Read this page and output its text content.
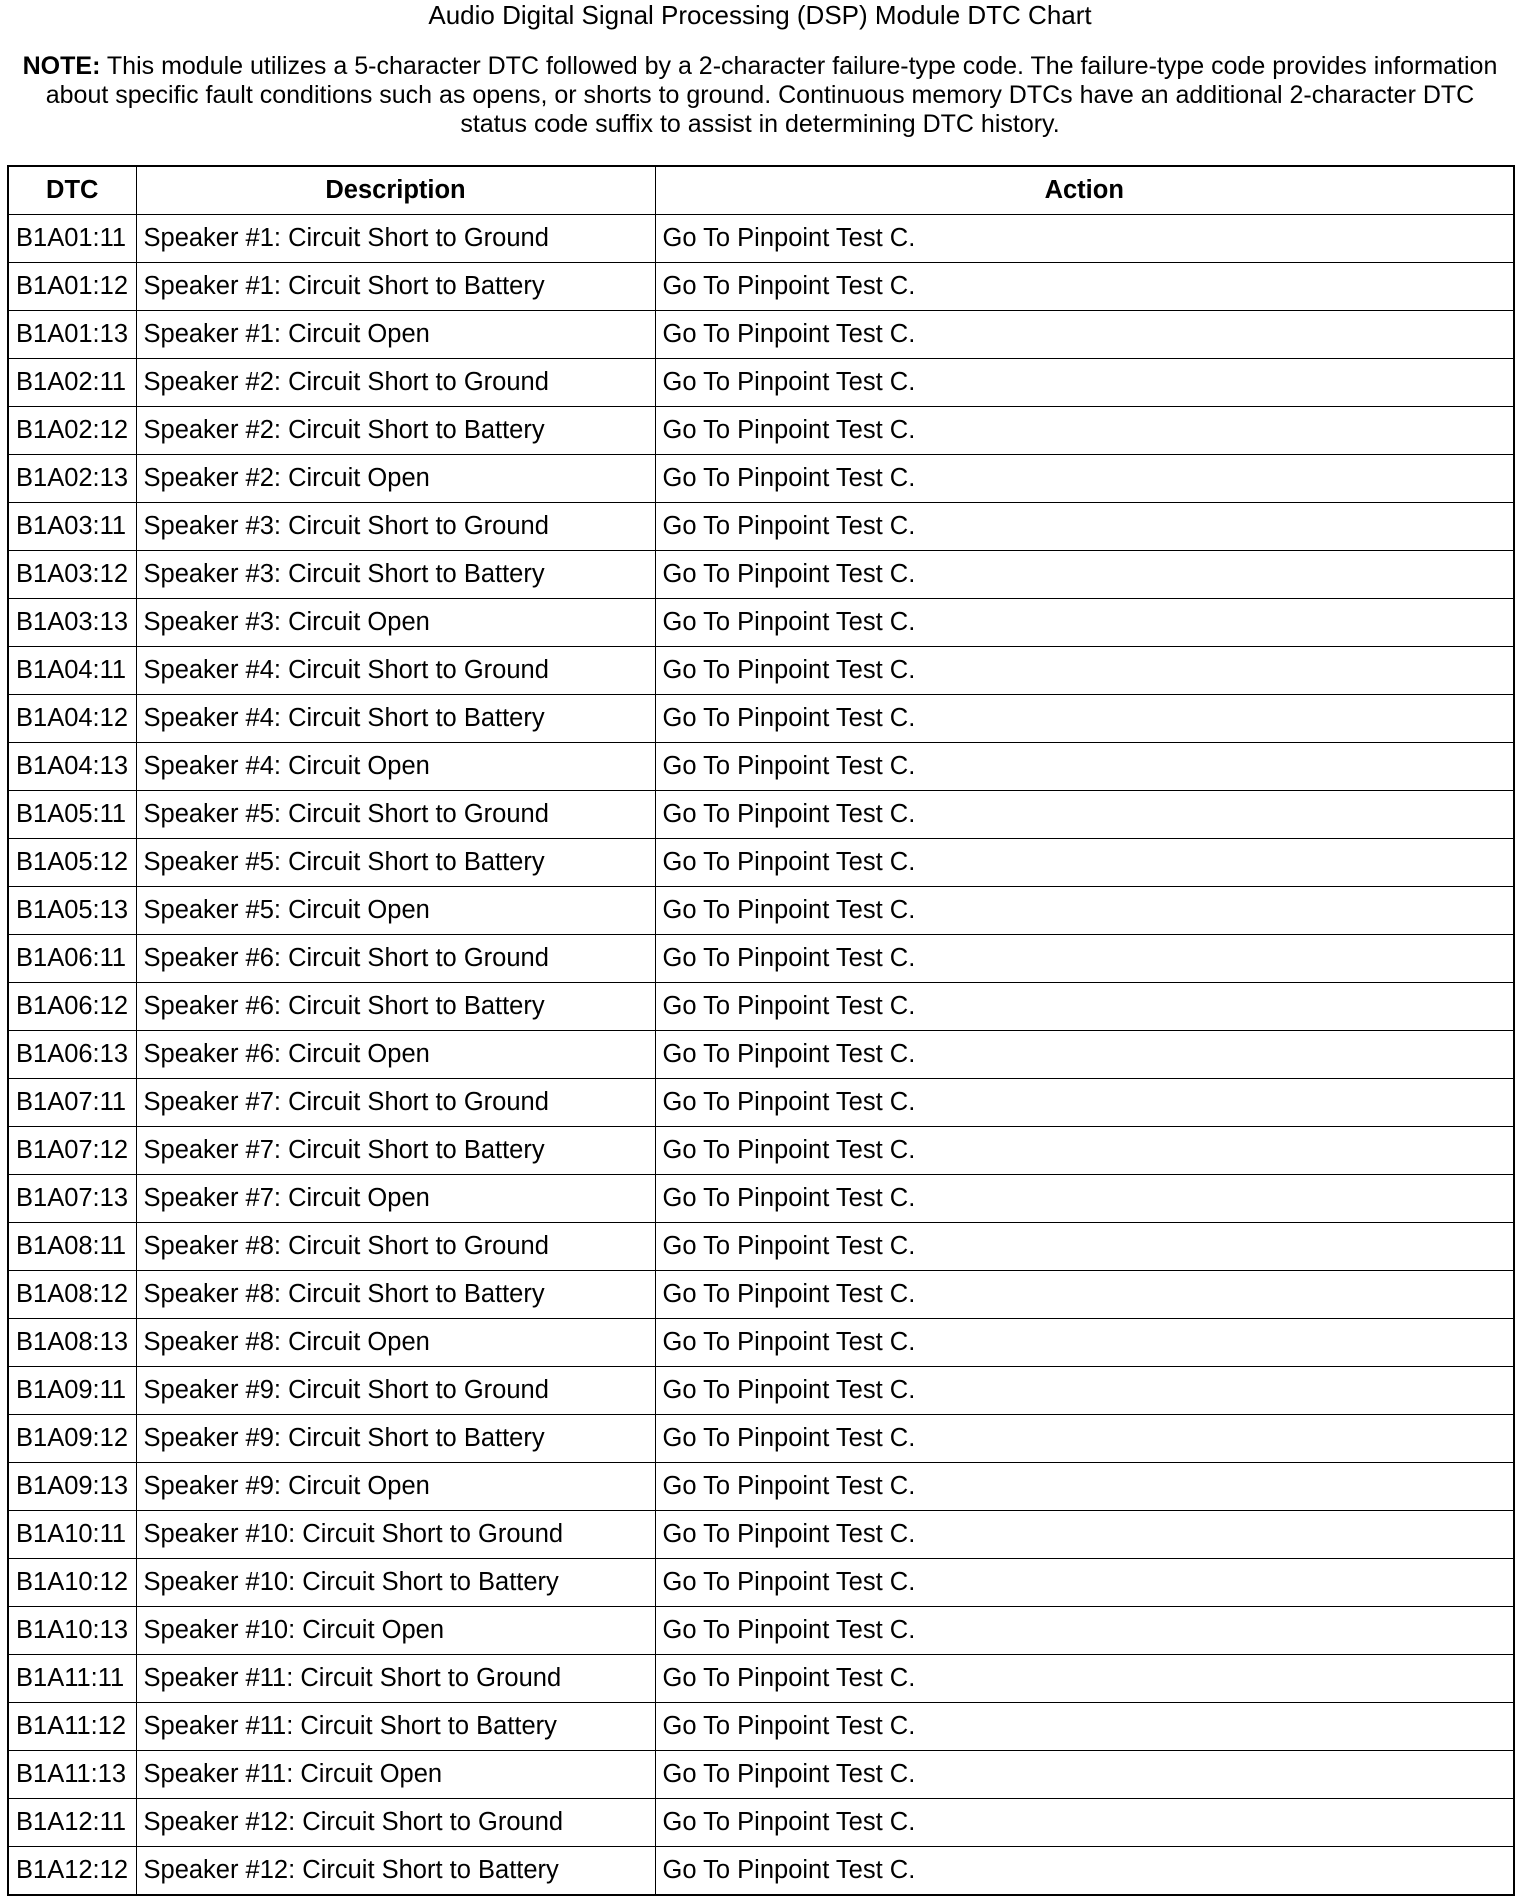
Audio Digital Signal Processing (DSP) Module DTC Chart
NOTE: This module utilizes a 5-character DTC followed by a 2-character failure-type code. The failure-type code provides information about specific fault conditions such as opens, or shorts to ground. Continuous memory DTCs have an additional 2-character DTC status code suffix to assist in determining DTC history.
DTC	Description	Action
B1A01:11	Speaker #1: Circuit Short to Ground	Go To Pinpoint Test C.
B1A01:12	Speaker #1: Circuit Short to Battery	Go To Pinpoint Test C.
B1A01:13	Speaker #1: Circuit Open	Go To Pinpoint Test C.
B1A02:11	Speaker #2: Circuit Short to Ground	Go To Pinpoint Test C.
B1A02:12	Speaker #2: Circuit Short to Battery	Go To Pinpoint Test C.
B1A02:13	Speaker #2: Circuit Open	Go To Pinpoint Test C.
B1A03:11	Speaker #3: Circuit Short to Ground	Go To Pinpoint Test C.
B1A03:12	Speaker #3: Circuit Short to Battery	Go To Pinpoint Test C.
B1A03:13	Speaker #3: Circuit Open	Go To Pinpoint Test C.
B1A04:11	Speaker #4: Circuit Short to Ground	Go To Pinpoint Test C.
B1A04:12	Speaker #4: Circuit Short to Battery	Go To Pinpoint Test C.
B1A04:13	Speaker #4: Circuit Open	Go To Pinpoint Test C.
B1A05:11	Speaker #5: Circuit Short to Ground	Go To Pinpoint Test C.
B1A05:12	Speaker #5: Circuit Short to Battery	Go To Pinpoint Test C.
B1A05:13	Speaker #5: Circuit Open	Go To Pinpoint Test C.
B1A06:11	Speaker #6: Circuit Short to Ground	Go To Pinpoint Test C.
B1A06:12	Speaker #6: Circuit Short to Battery	Go To Pinpoint Test C.
B1A06:13	Speaker #6: Circuit Open	Go To Pinpoint Test C.
B1A07:11	Speaker #7: Circuit Short to Ground	Go To Pinpoint Test C.
B1A07:12	Speaker #7: Circuit Short to Battery	Go To Pinpoint Test C.
B1A07:13	Speaker #7: Circuit Open	Go To Pinpoint Test C.
B1A08:11	Speaker #8: Circuit Short to Ground	Go To Pinpoint Test C.
B1A08:12	Speaker #8: Circuit Short to Battery	Go To Pinpoint Test C.
B1A08:13	Speaker #8: Circuit Open	Go To Pinpoint Test C.
B1A09:11	Speaker #9: Circuit Short to Ground	Go To Pinpoint Test C.
B1A09:12	Speaker #9: Circuit Short to Battery	Go To Pinpoint Test C.
B1A09:13	Speaker #9: Circuit Open	Go To Pinpoint Test C.
B1A10:11	Speaker #10: Circuit Short to Ground	Go To Pinpoint Test C.
B1A10:12	Speaker #10: Circuit Short to Battery	Go To Pinpoint Test C.
B1A10:13	Speaker #10: Circuit Open	Go To Pinpoint Test C.
B1A11:11	Speaker #11: Circuit Short to Ground	Go To Pinpoint Test C.
B1A11:12	Speaker #11: Circuit Short to Battery	Go To Pinpoint Test C.
B1A11:13	Speaker #11: Circuit Open	Go To Pinpoint Test C.
B1A12:11	Speaker #12: Circuit Short to Ground	Go To Pinpoint Test C.
B1A12:12	Speaker #12: Circuit Short to Battery	Go To Pinpoint Test C.
